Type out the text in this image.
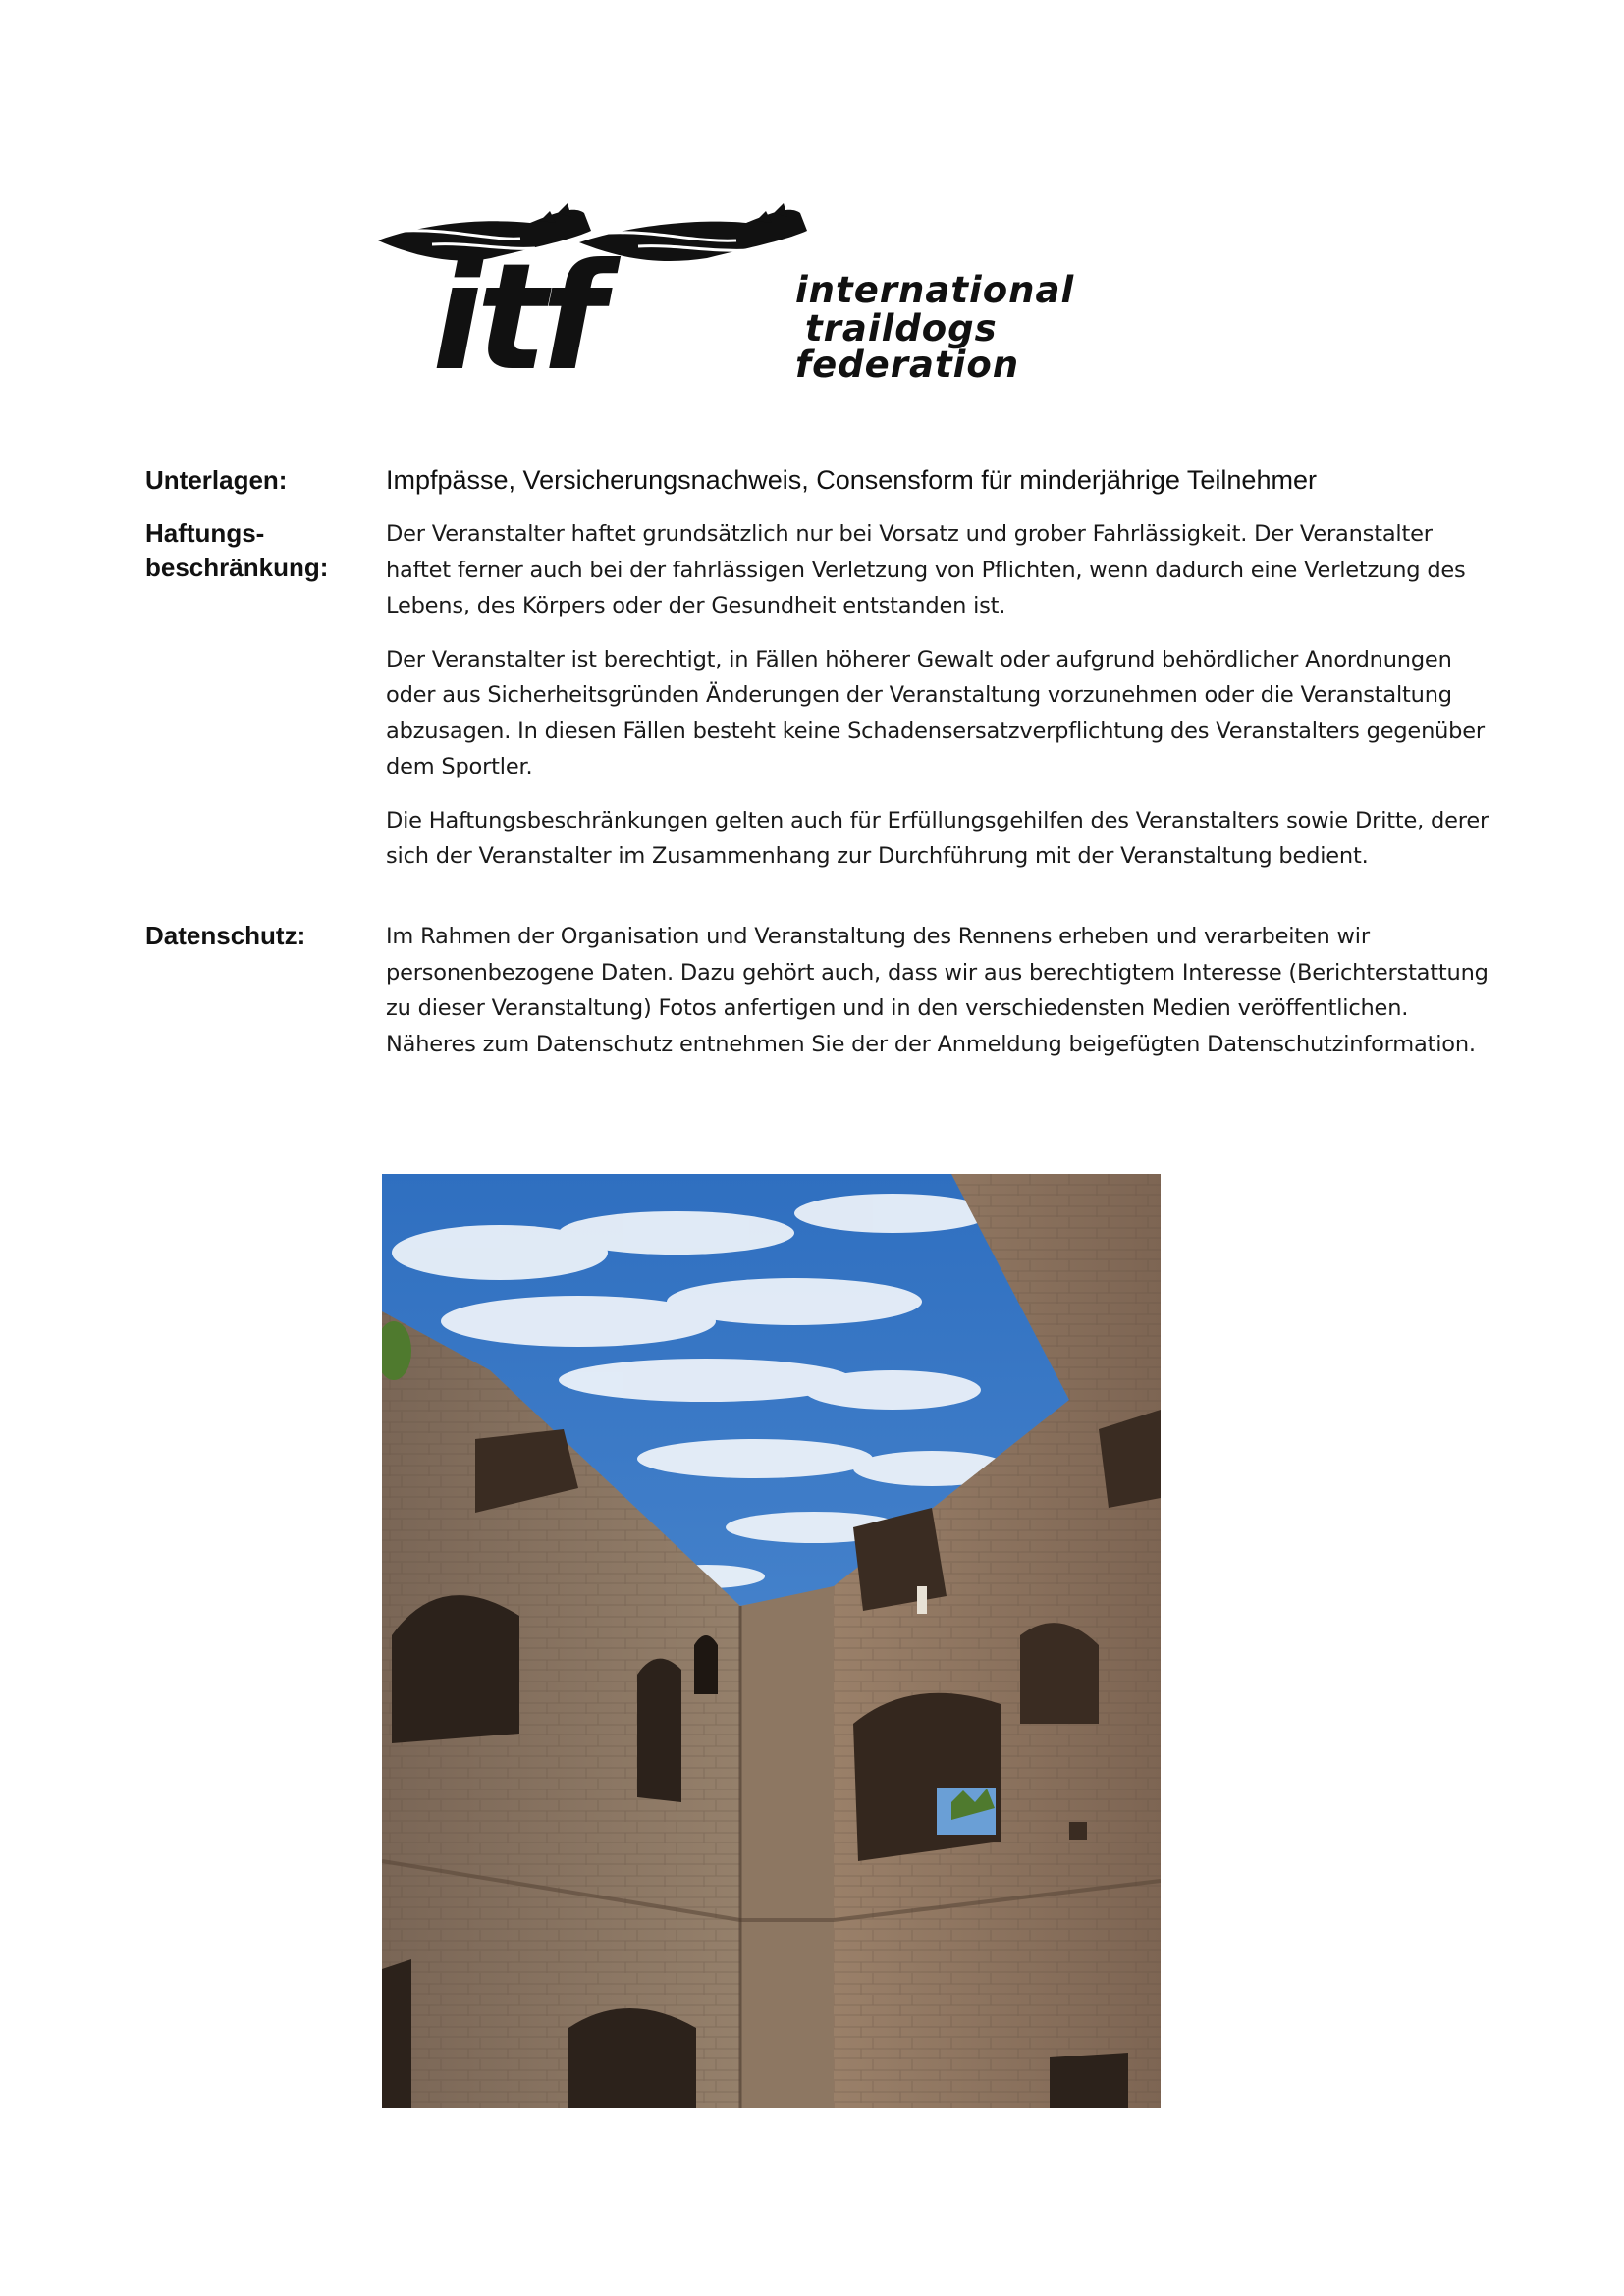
itf	international
traildogs
federation
Unterlagen:	Impfpässe, Versicherungsnachweis, Consensform für minderjährige Teilnehmer

Haftungs-
beschränkung:

Der Veranstalter haftet grundsätzlich nur bei Vorsatz und grober Fahrlässigkeit. Der Veranstalter haftet ferner auch bei der fahrlässigen Verletzung von Pflichten, wenn dadurch eine Verletzung des Lebens, des Körpers oder der Gesundheit entstanden ist.

Der Veranstalter ist berechtigt, in Fällen höherer Gewalt oder aufgrund behördlicher Anordnungen oder aus Sicherheitsgründen Änderungen der Veranstaltung vorzunehmen oder die Veranstaltung abzusagen. In diesen Fällen besteht keine Schadensersatzverpflichtung des Veranstalters gegenüber dem Sportler.

Die Haftungsbeschränkungen gelten auch für Erfüllungsgehilfen des Veranstalters sowie Dritte, derer sich der Veranstalter im Zusammenhang zur Durchführung mit der Veranstaltung bedient.

Datenschutz:	Im Rahmen der Organisation und Veranstaltung des Rennens erheben und verarbeiten wir personenbezogene Daten. Dazu gehört auch, dass wir aus berechtigtem Interesse (Berichterstattung zu dieser Veranstaltung) Fotos anfertigen und in den verschiedensten Medien veröffentlichen. Näheres zum Datenschutz entnehmen Sie der der Anmeldung beigefügten Datenschutzinformation.
